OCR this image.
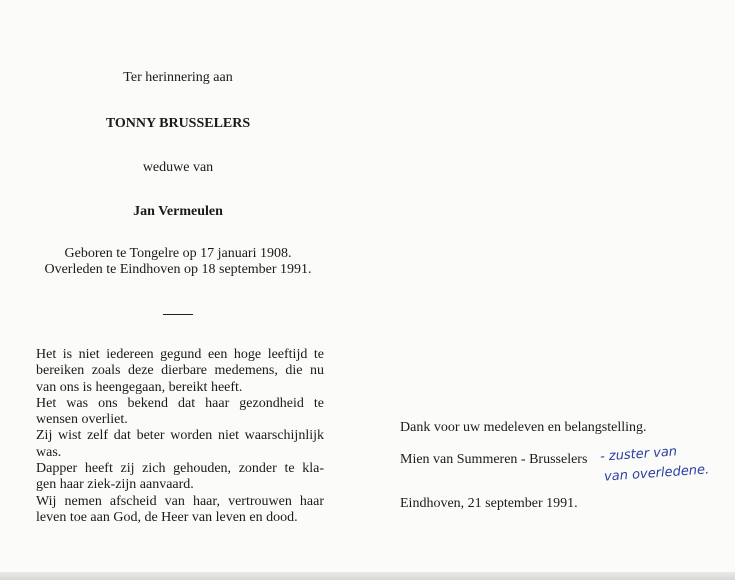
Ter herinnering aan
TONNY BRUSSELERS
weduwe van
Jan Vermeulen
Geboren te Tongelre op 17 januari 1908.
Overleden te Eindhoven op 18 september 1991.
Het is niet iedereen gegund een hoge leeftijd te
bereiken zoals deze dierbare medemens, die nu
van ons is heengegaan, bereikt heeft.
Het was ons bekend dat haar gezondheid te
wensen overliet.
Zij wist zelf dat beter worden niet waarschijnlijk
was.
Dapper heeft zij zich gehouden, zonder te kla-
gen haar ziek-zijn aanvaard.
Wij nemen afscheid van haar, vertrouwen haar
leven toe aan God, de Heer van leven en dood.
Dank voor uw medeleven en belangstelling.
Mien van Summeren - Brusselers - zuster van
van overledene.
Eindhoven, 21 september 1991.
